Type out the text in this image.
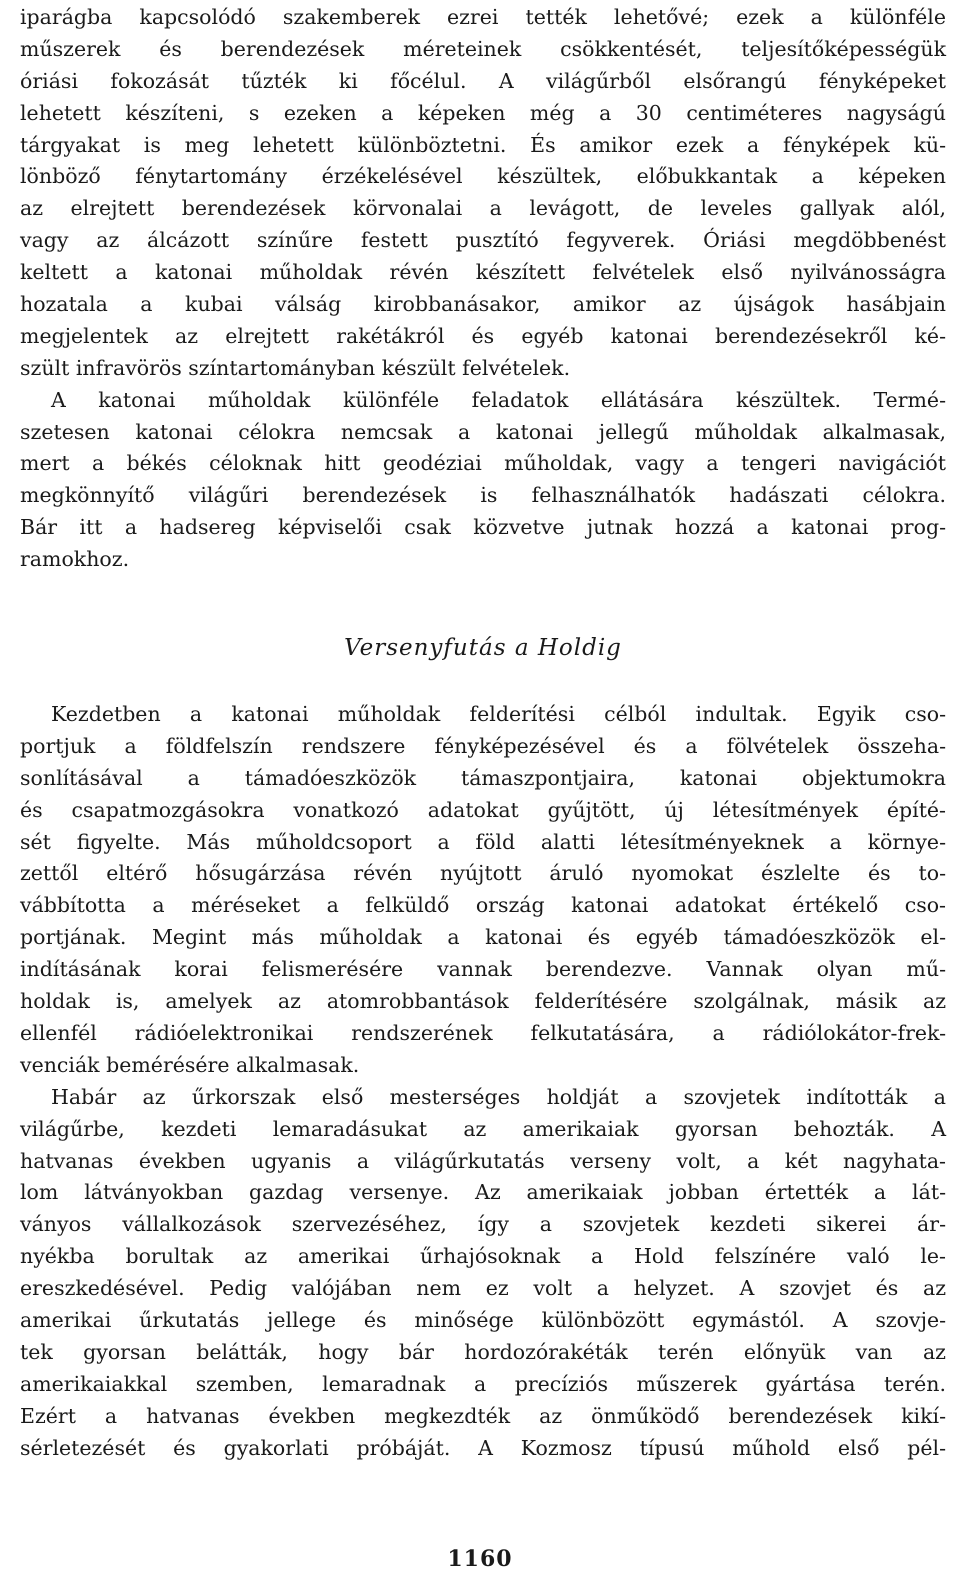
iparágba kapcsolódó szakemberek ezrei tették lehetővé; ezek a különféle
műszerek és berendezések méreteinek csökkentését, teljesítőképességük
óriási fokozását tűzték ki főcélul. A világűrből elsőrangú fényképeket
lehetett készíteni, s ezeken a képeken még a 30 centiméteres nagyságú
tárgyakat is meg lehetett különböztetni. És amikor ezek a fényképek kü-
lönböző fénytartomány érzékelésével készültek, előbukkantak a képeken
az elrejtett berendezések körvonalai a levágott, de leveles gallyak alól,
vagy az álcázott színűre festett pusztító fegyverek. Óriási megdöbbenést
keltett a katonai műholdak révén készített felvételek első nyilvánosságra
hozatala a kubai válság kirobbanásakor, amikor az újságok hasábjain
megjelentek az elrejtett rakétákról és egyéb katonai berendezésekről ké-
szült infravörös színtartományban készült felvételek.
A katonai műholdak különféle feladatok ellátására készültek. Termé-
szetesen katonai célokra nemcsak a katonai jellegű műholdak alkalmasak,
mert a békés céloknak hitt geodéziai műholdak, vagy a tengeri navigációt
megkönnyítő világűri berendezések is felhasználhatók hadászati célokra.
Bár itt a hadsereg képviselői csak közvetve jutnak hozzá a katonai prog-
ramokhoz.
Versenyfutás a Holdig
Kezdetben a katonai műholdak felderítési célból indultak. Egyik cso-
portjuk a földfelszín rendszere fényképezésével és a fölvételek összeha-
sonlításával a támadóeszközök támaszpontjaira, katonai objektumokra
és csapatmozgásokra vonatkozó adatokat gyűjtött, új létesítmények építé-
sét figyelte. Más műholdcsoport a föld alatti létesítményeknek a környe-
zettől eltérő hősugárzása révén nyújtott áruló nyomokat észlelte és to-
vábbította a méréseket a felküldő ország katonai adatokat értékelő cso-
portjának. Megint más műholdak a katonai és egyéb támadóeszközök el-
indításának korai felismerésére vannak berendezve. Vannak olyan mű-
holdak is, amelyek az atomrobbantások felderítésére szolgálnak, másik az
ellenfél rádióelektronikai rendszerének felkutatására, a rádiólokátor-frek-
venciák bemérésére alkalmasak.
Habár az űrkorszak első mesterséges holdját a szovjetek indították a
világűrbe, kezdeti lemaradásukat az amerikaiak gyorsan behozták. A
hatvanas években ugyanis a világűrkutatás verseny volt, a két nagyhata-
lom látványokban gazdag versenye. Az amerikaiak jobban értették a lát-
ványos vállalkozások szervezéséhez, így a szovjetek kezdeti sikerei ár-
nyékba borultak az amerikai űrhajósoknak a Hold felszínére való le-
ereszkedésével. Pedig valójában nem ez volt a helyzet. A szovjet és az
amerikai űrkutatás jellege és minősége különbözött egymástól. A szovje-
tek gyorsan belátták, hogy bár hordozórakéták terén előnyük van az
amerikaiakkal szemben, lemaradnak a precíziós műszerek gyártása terén.
Ezért a hatvanas években megkezdték az önműködő berendezések kikí-
sérletezését és gyakorlati próbáját. A Kozmosz típusú műhold első pél-
1160
